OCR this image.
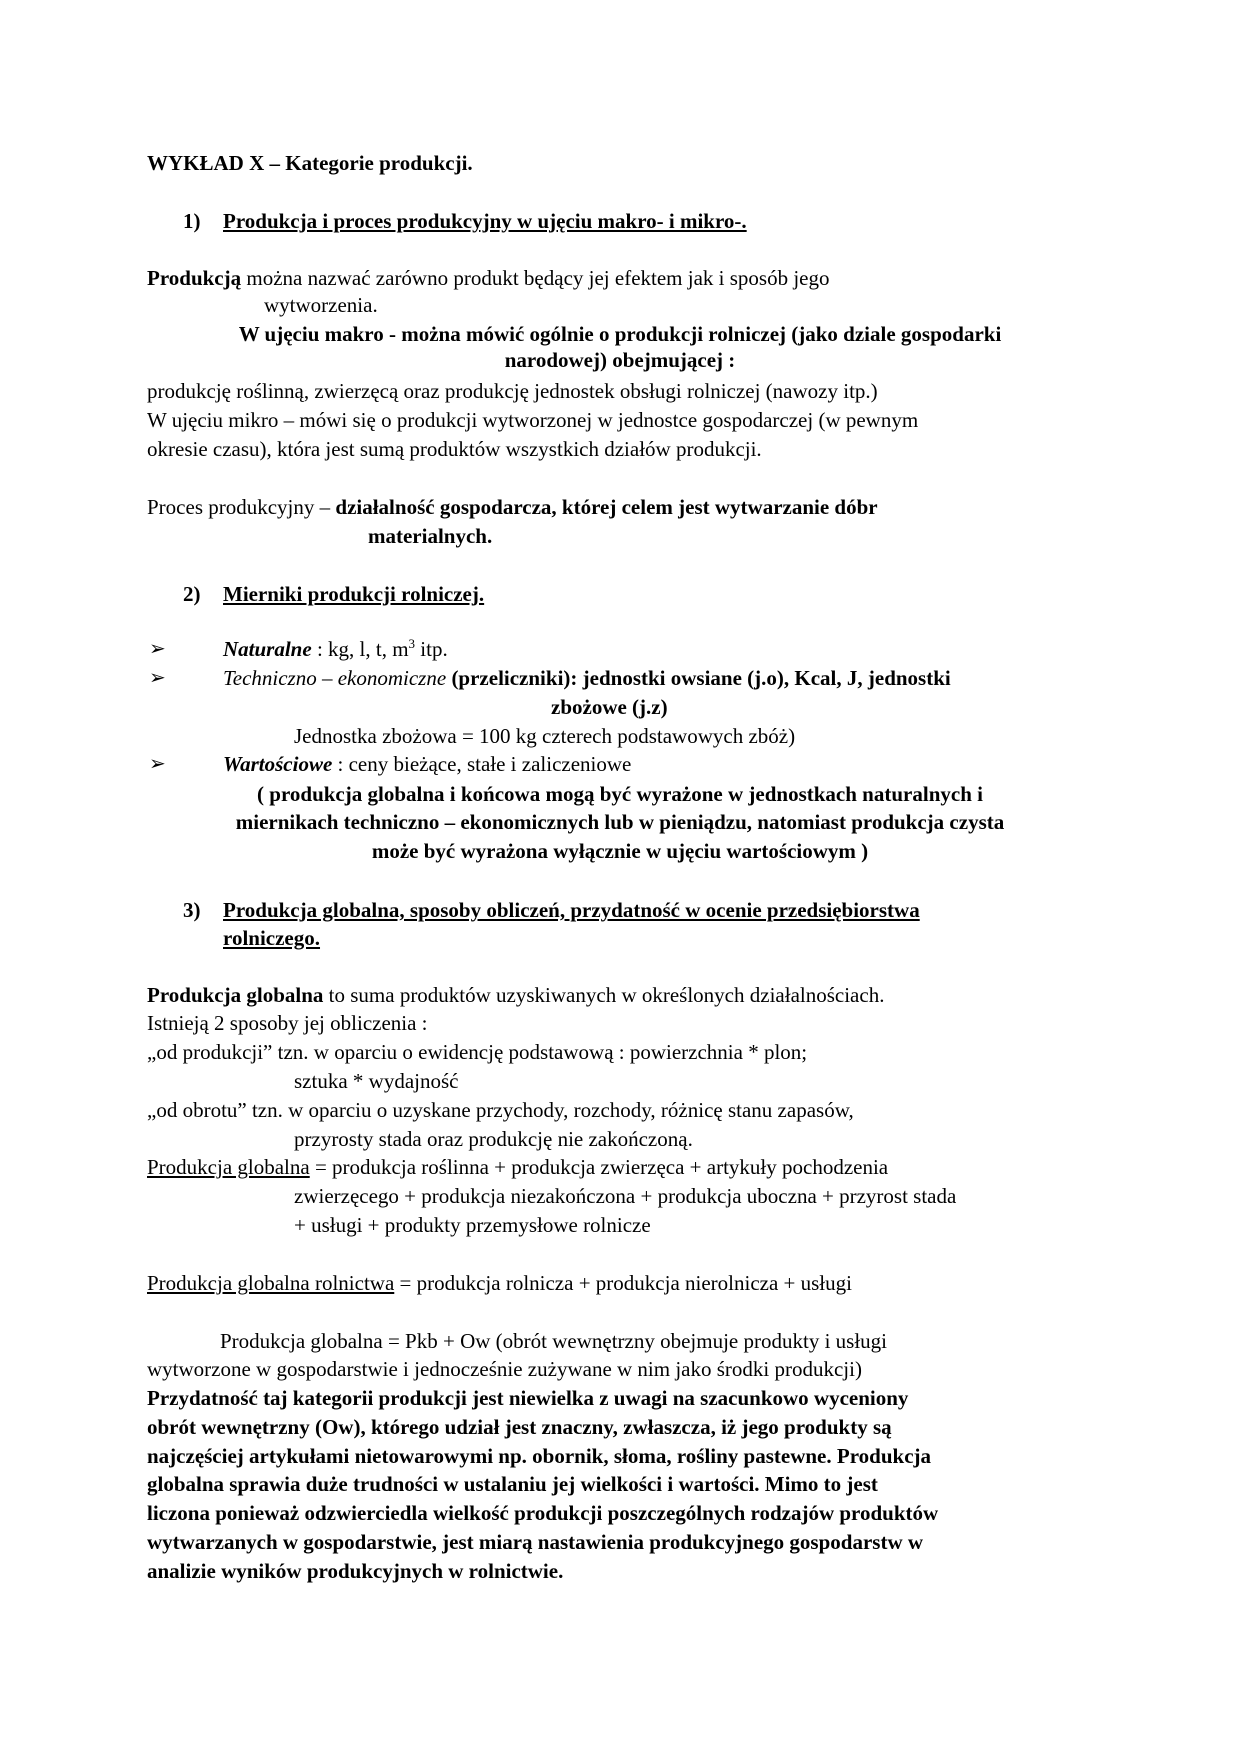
WYKŁAD X – Kategorie produkcji.
1) Produkcja i proces produkcyjny w ujęciu makro- i mikro-.
Produkcją można nazwać zarówno produkt będący jej efektem jak i sposób jego
wytworzenia.
W ujęciu makro - można mówić ogólnie o produkcji rolniczej (jako dziale gospodarki
narodowej) obejmującej :
produkcję roślinną, zwierzęcą oraz produkcję jednostek obsługi rolniczej (nawozy itp.)
W ujęciu mikro – mówi się o produkcji wytworzonej w jednostce gospodarczej (w pewnym
okresie czasu), która jest sumą produktów wszystkich działów produkcji.
Proces produkcyjny – działalność gospodarcza, której celem jest wytwarzanie dóbr
materialnych.
2) Mierniki produkcji rolniczej.
➢	Naturalne : kg, l, t, $m^3$ itp.
➢	Techniczno – ekonomiczne (przeliczniki): jednostki owsiane (j.o), Kcal, J, jednostki
zbożowe (j.z)
Jednostka zbożowa = 100 kg czterech podstawowych zbóż)
➢	Wartościowe : ceny bieżące, stałe i zaliczeniowe
( produkcja globalna i końcowa mogą być wyrażone w jednostkach naturalnych i
miernikach techniczno – ekonomicznych lub w pieniądzu, natomiast produkcja czysta
może być wyrażona wyłącznie w ujęciu wartościowym )
3) Produkcja globalna, sposoby obliczeń, przydatność w ocenie przedsiębiorstwa
rolniczego.
Produkcja globalna to suma produktów uzyskiwanych w określonych działalnościach.
Istnieją 2 sposoby jej obliczenia :
„od produkcji” tzn. w oparciu o ewidencję podstawową : powierzchnia * plon;
sztuka * wydajność
„od obrotu” tzn. w oparciu o uzyskane przychody, rozchody, różnicę stanu zapasów,
przyrosty stada oraz produkcję nie zakończoną.
Produkcja globalna = produkcja roślinna + produkcja zwierzęca + artykuły pochodzenia
zwierzęcego + produkcja niezakończona + produkcja uboczna + przyrost stada
+ usługi + produkty przemysłowe rolnicze
Produkcja globalna rolnictwa = produkcja rolnicza + produkcja nierolnicza + usługi
Produkcja globalna = Pkb + Ow (obrót wewnętrzny obejmuje produkty i usługi
wytworzone w gospodarstwie i jednocześnie zużywane w nim jako środki produkcji)
Przydatność taj kategorii produkcji jest niewielka z uwagi na szacunkowo wyceniony
obrót wewnętrzny (Ow), którego udział jest znaczny, zwłaszcza, iż jego produkty są
najczęściej artykułami nietowarowymi np. obornik, słoma, rośliny pastewne. Produkcja
globalna sprawia duże trudności w ustalaniu jej wielkości i wartości. Mimo to jest
liczona ponieważ odzwierciedla wielkość produkcji poszczególnych rodzajów produktów
wytwarzanych w gospodarstwie, jest miarą nastawienia produkcyjnego gospodarstw w
analizie wyników produkcyjnych w rolnictwie.
